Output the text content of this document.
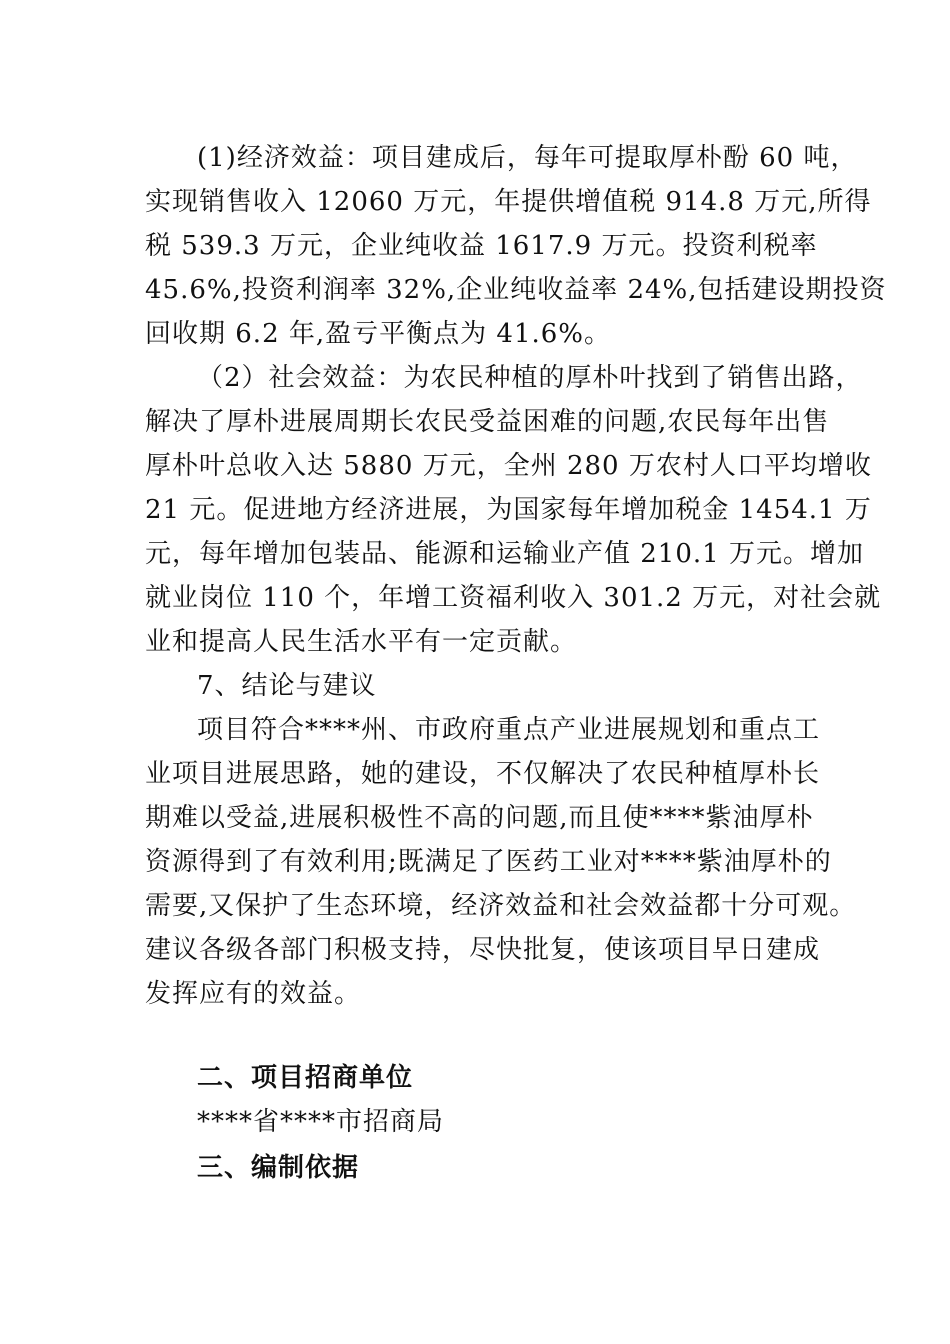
(1)经济效益：项目建成后，每年可提取厚朴酚 60 吨，
实现销售收入 12060 万元，年提供增值税 914.8 万元,所得
税 539.3 万元，企业纯收益 1617.9 万元。投资利税率
45.6%,投资利润率 32%,企业纯收益率 24%,包括建设期投资
回收期 6.2 年,盈亏平衡点为 41.6%。
（2）社会效益：为农民种植的厚朴叶找到了销售出路，
解决了厚朴进展周期长农民受益困难的问题,农民每年出售
厚朴叶总收入达 5880 万元，全州 280 万农村人口平均增收
21 元。促进地方经济进展，为国家每年增加税金 1454.1 万
元，每年增加包装品、能源和运输业产值 210.1 万元。增加
就业岗位 110 个，年增工资福利收入 301.2 万元，对社会就
业和提高人民生活水平有一定贡献。
7、结论与建议
项目符合****州、市政府重点产业进展规划和重点工
业项目进展思路，她的建设，不仅解决了农民种植厚朴长
期难以受益,进展积极性不高的问题,而且使****紫油厚朴
资源得到了有效利用;既满足了医药工业对****紫油厚朴的
需要,又保护了生态环境，经济效益和社会效益都十分可观。
建议各级各部门积极支持，尽快批复，使该项目早日建成
发挥应有的效益。
二、项目招商单位
****省****市招商局
三、编制依据
